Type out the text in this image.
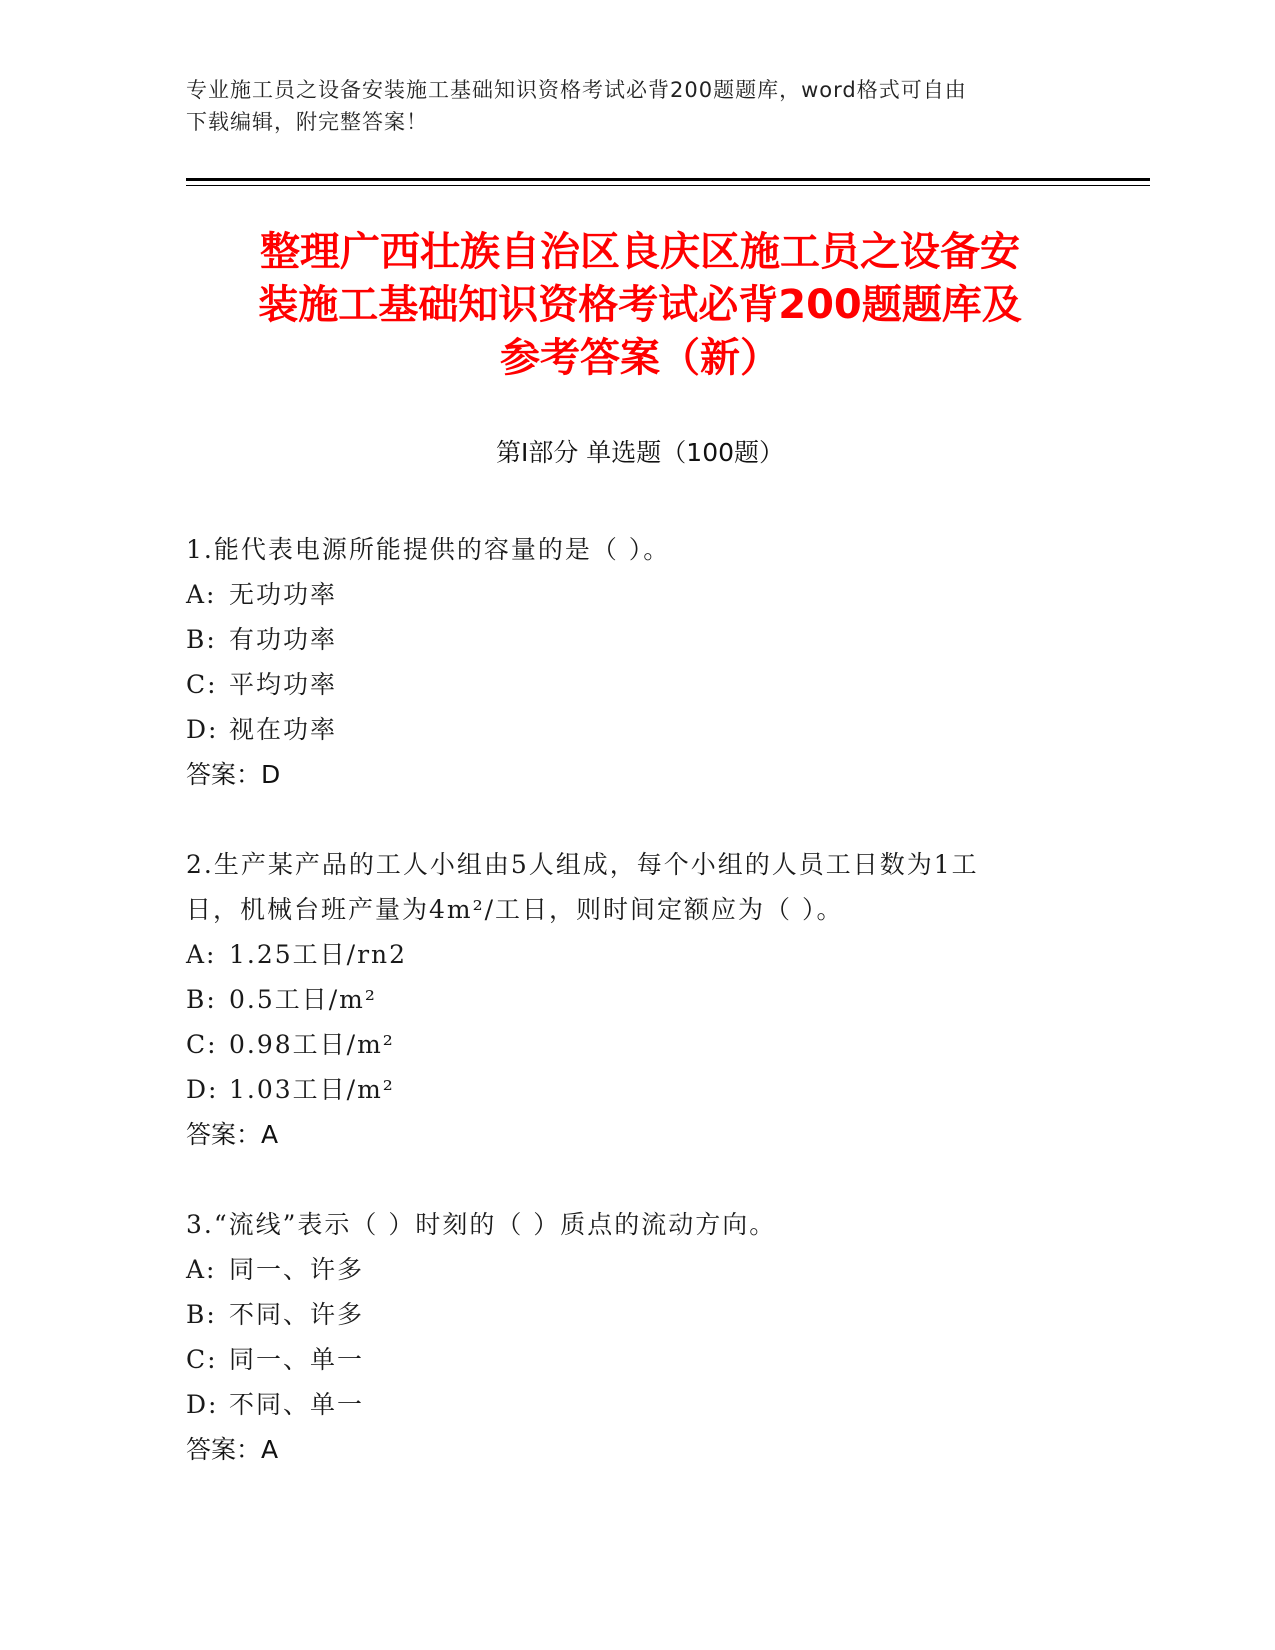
专业施工员之设备安装施工基础知识资格考试必背200题题库，word格式可自由
下载编辑，附完整答案！
整理广西壮族自治区良庆区施工员之设备安
装施工基础知识资格考试必背200题题库及
参考答案（新）
第Ⅰ部分 单选题（100题）

1.能代表电源所能提供的容量的是（ ）。

A: 无功功率

B: 有功功率

C: 平均功率

D: 视在功率

答案：D

2.生产某产品的工人小组由5人组成，每个小组的人员工日数为1工

日，机械台班产量为4m²/工日，则时间定额应为（ ）。

A: 1.25工日/rn2

B: 0.5工日/m²

C: 0.98工日/m²

D: 1.03工日/m²

答案：A

3.“流线”表示（ ）时刻的（ ）质点的流动方向。

A: 同一、许多

B: 不同、许多

C: 同一、单一

D: 不同、单一

答案：A
